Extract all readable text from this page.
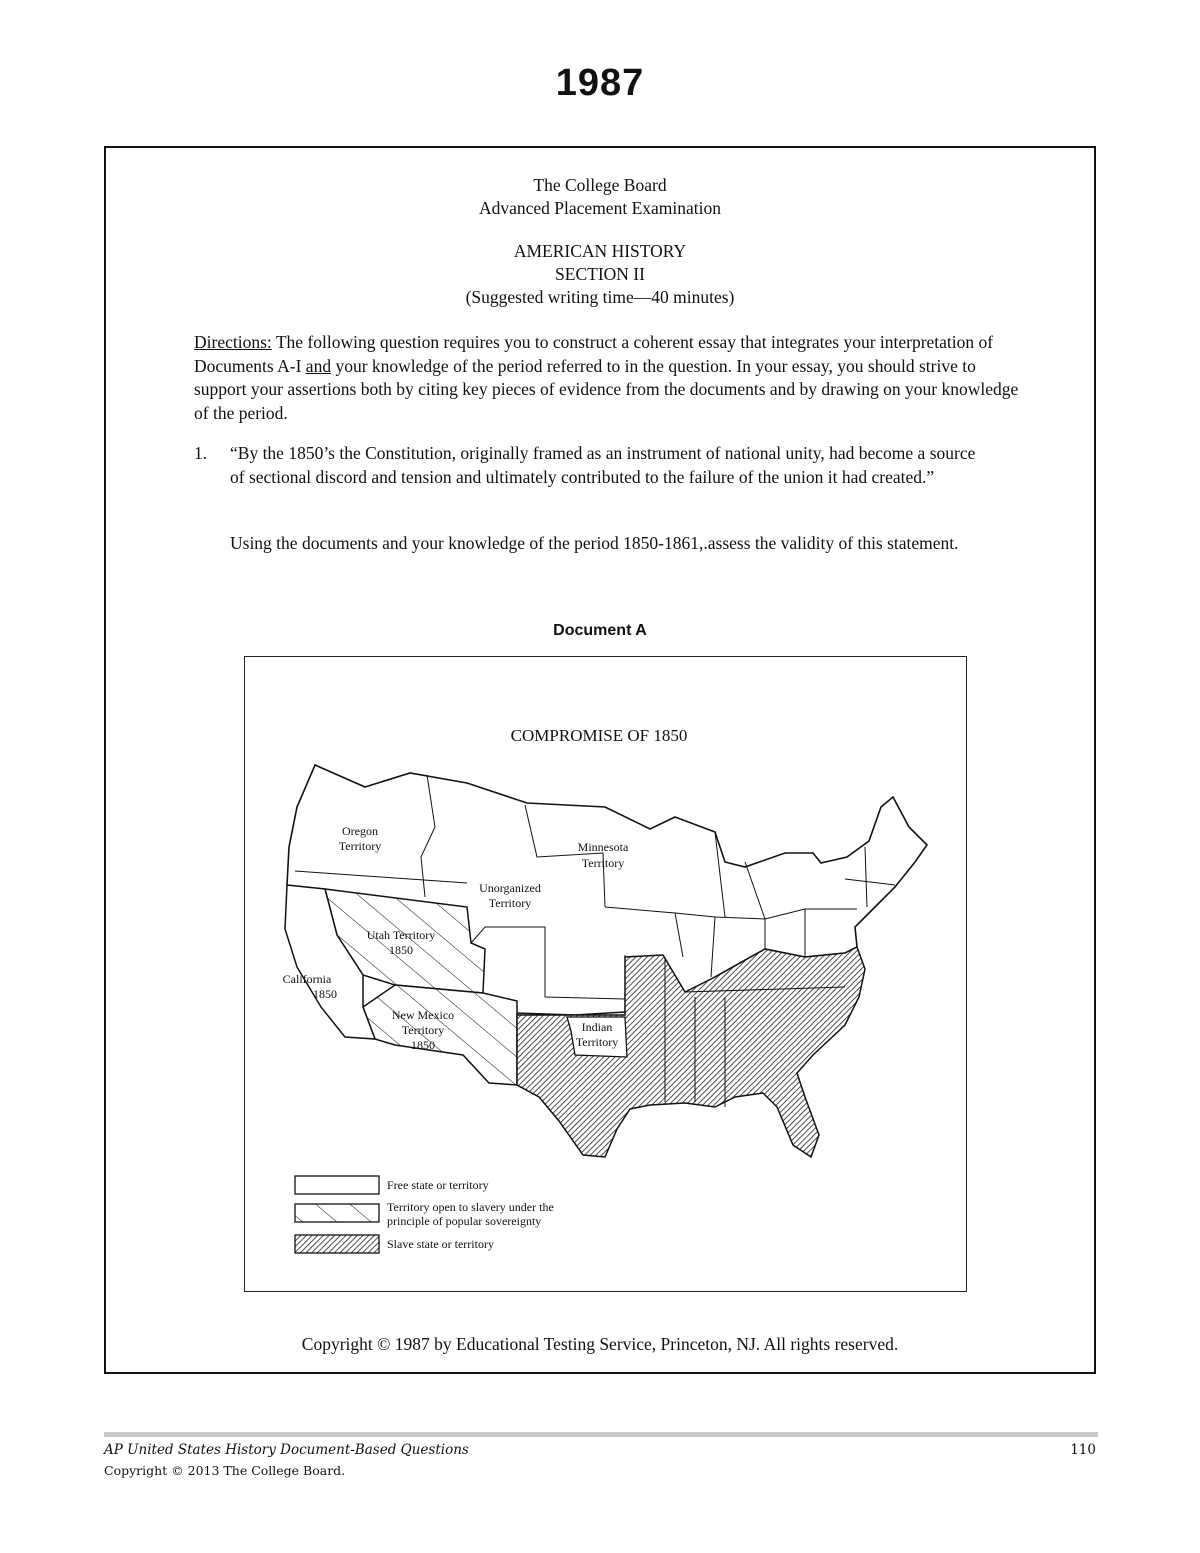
1987
The College Board
Advanced Placement Examination
AMERICAN HISTORY
SECTION II
(Suggested writing time—40 minutes)
Directions: The following question requires you to construct a coherent essay that integrates your interpretation of Documents A-I and your knowledge of the period referred to in the question. In your essay, you should strive to support your assertions both by citing key pieces of evidence from the documents and by drawing on your knowledge of the period.
1. “By the 1850’s the Constitution, originally framed as an instrument of national unity, had become a source of sectional discord and tension and ultimately contributed to the failure of the union it had created.”
Using the documents and your knowledge of the period 1850-1861,.assess the validity of this statement.
Document A
COMPROMISE OF 1850
Oregon
Territory	Minnesota
Territory
Unorganized
Territory
Utah Territory
1850
California
1850
New Mexico
Territory
1850
Indian
Territory
Free state or territory
Territory open to slavery under the
principle of popular sovereignty
Slave state or territory
Copyright © 1987 by Educational Testing Service, Princeton, NJ. All rights reserved.
AP United States History Document-Based Questions
Copyright © 2013 The College Board.
110
